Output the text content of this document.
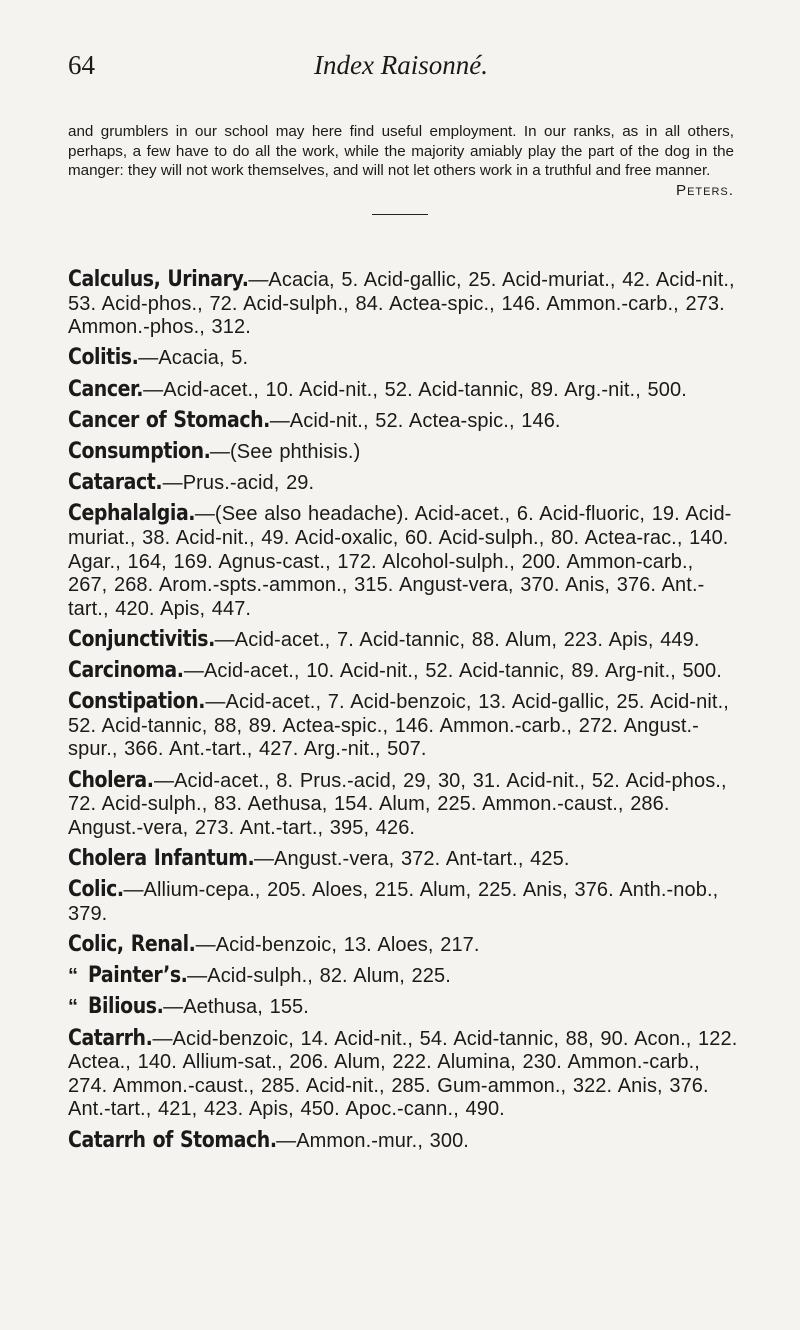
64	Index Raisonné.
and grumblers in our school may here find useful employment. In our ranks, as in all others, perhaps, a few have to do all the work, while the majority amiably play the part of the dog in the manger: they will not work themselves, and will not let others work in a truthful and free manner.
Peters.
Calculus, Urinary.—Acacia, 5. Acid-gallic, 25. Acid-muriat., 42. Acid-nit., 53. Acid-phos., 72. Acid-sulph., 84. Actea-spic., 146. Ammon.-carb., 273. Ammon.-phos., 312.
Colitis.—Acacia, 5.
Cancer.—Acid-acet., 10. Acid-nit., 52. Acid-tannic, 89. Arg.-nit., 500.
Cancer of Stomach.—Acid-nit., 52. Actea-spic., 146.
Consumption.—(See phthisis.)
Cataract.—Prus.-acid, 29.
Cephalalgia.—(See also headache). Acid-acet., 6. Acid-fluoric, 19. Acid-muriat., 38. Acid-nit., 49. Acid-oxalic, 60. Acid-sulph., 80. Actea-rac., 140. Agar., 164, 169. Agnus-cast., 172. Alcohol-sulph., 200. Ammon-carb., 267, 268. Arom.-spts.-ammon., 315. Angust-vera, 370. Anis, 376. Ant.-tart., 420. Apis, 447.
Conjunctivitis.—Acid-acet., 7. Acid-tannic, 88. Alum, 223. Apis, 449.
Carcinoma.—Acid-acet., 10. Acid-nit., 52. Acid-tannic, 89. Arg-nit., 500.
Constipation.—Acid-acet., 7. Acid-benzoic, 13. Acid-gallic, 25. Acid-nit., 52. Acid-tannic, 88, 89. Actea-spic., 146. Ammon.-carb., 272. Angust.-spur., 366. Ant.-tart., 427. Arg.-nit., 507.
Cholera.—Acid-acet., 8. Prus.-acid, 29, 30, 31. Acid-nit., 52. Acid-phos., 72. Acid-sulph., 83. Aethusa, 154. Alum, 225. Ammon.-caust., 286. Angust.-vera, 273. Ant.-tart., 395, 426.
Cholera Infantum.—Angust.-vera, 372. Ant-tart., 425.
Colic.—Allium-cepa., 205. Aloes, 215. Alum, 225. Anis, 376. Anth.-nob., 379.
Colic, Renal.—Acid-benzoic, 13. Aloes, 217.
“ Painter’s.—Acid-sulph., 82. Alum, 225.
“ Bilious.—Aethusa, 155.
Catarrh.—Acid-benzoic, 14. Acid-nit., 54. Acid-tannic, 88, 90. Acon., 122. Actea., 140. Allium-sat., 206. Alum, 222. Alumina, 230. Ammon.-carb., 274. Ammon.-caust., 285. Acid-nit., 285. Gum-ammon., 322. Anis, 376. Ant.-tart., 421, 423. Apis, 450. Apoc.-cann., 490.
Catarrh of Stomach.—Ammon.-mur., 300.
